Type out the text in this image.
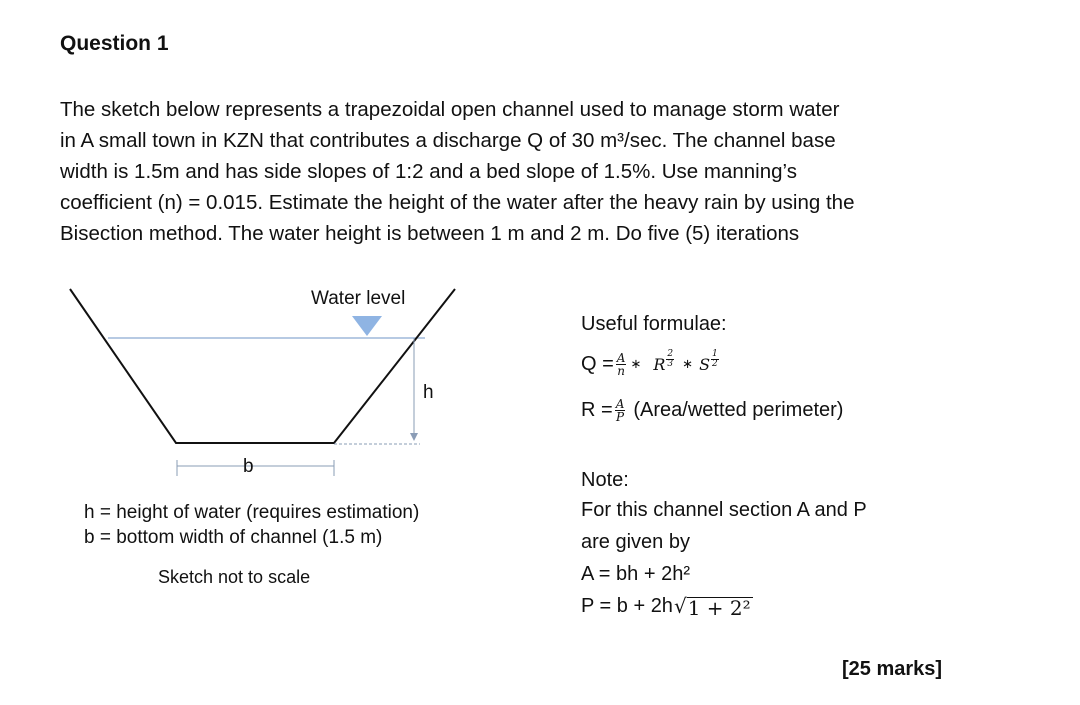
Question 1
The sketch below represents a trapezoidal open channel used to manage storm water
in A small town in KZN that contributes a discharge Q of 30 m³/sec. The channel base
width is 1.5m and has side slopes of 1:2 and a bed slope of 1.5%. Use manning’s
coefficient (n) = 0.015. Estimate the height of the water after the heavy rain by using the
Bisection method. The water height is between 1 m and 2 m. Do five (5) iterations
Water level
h
b
h = height of water (requires estimation)
b = bottom width of channel (1.5 m)
Sketch not to scale
Useful formulae:
$Q = \frac{A}{n}$ ∗ R $\frac{2}{3}$ ∗ S $\frac{1}{2}$
$R = \frac{A}{P}$ (Area/wetted perimeter)
Note:
For this channel section A and P
are given by
A = bh + 2h²
P = b + 2h √ 1 + 2²
[25 marks]
